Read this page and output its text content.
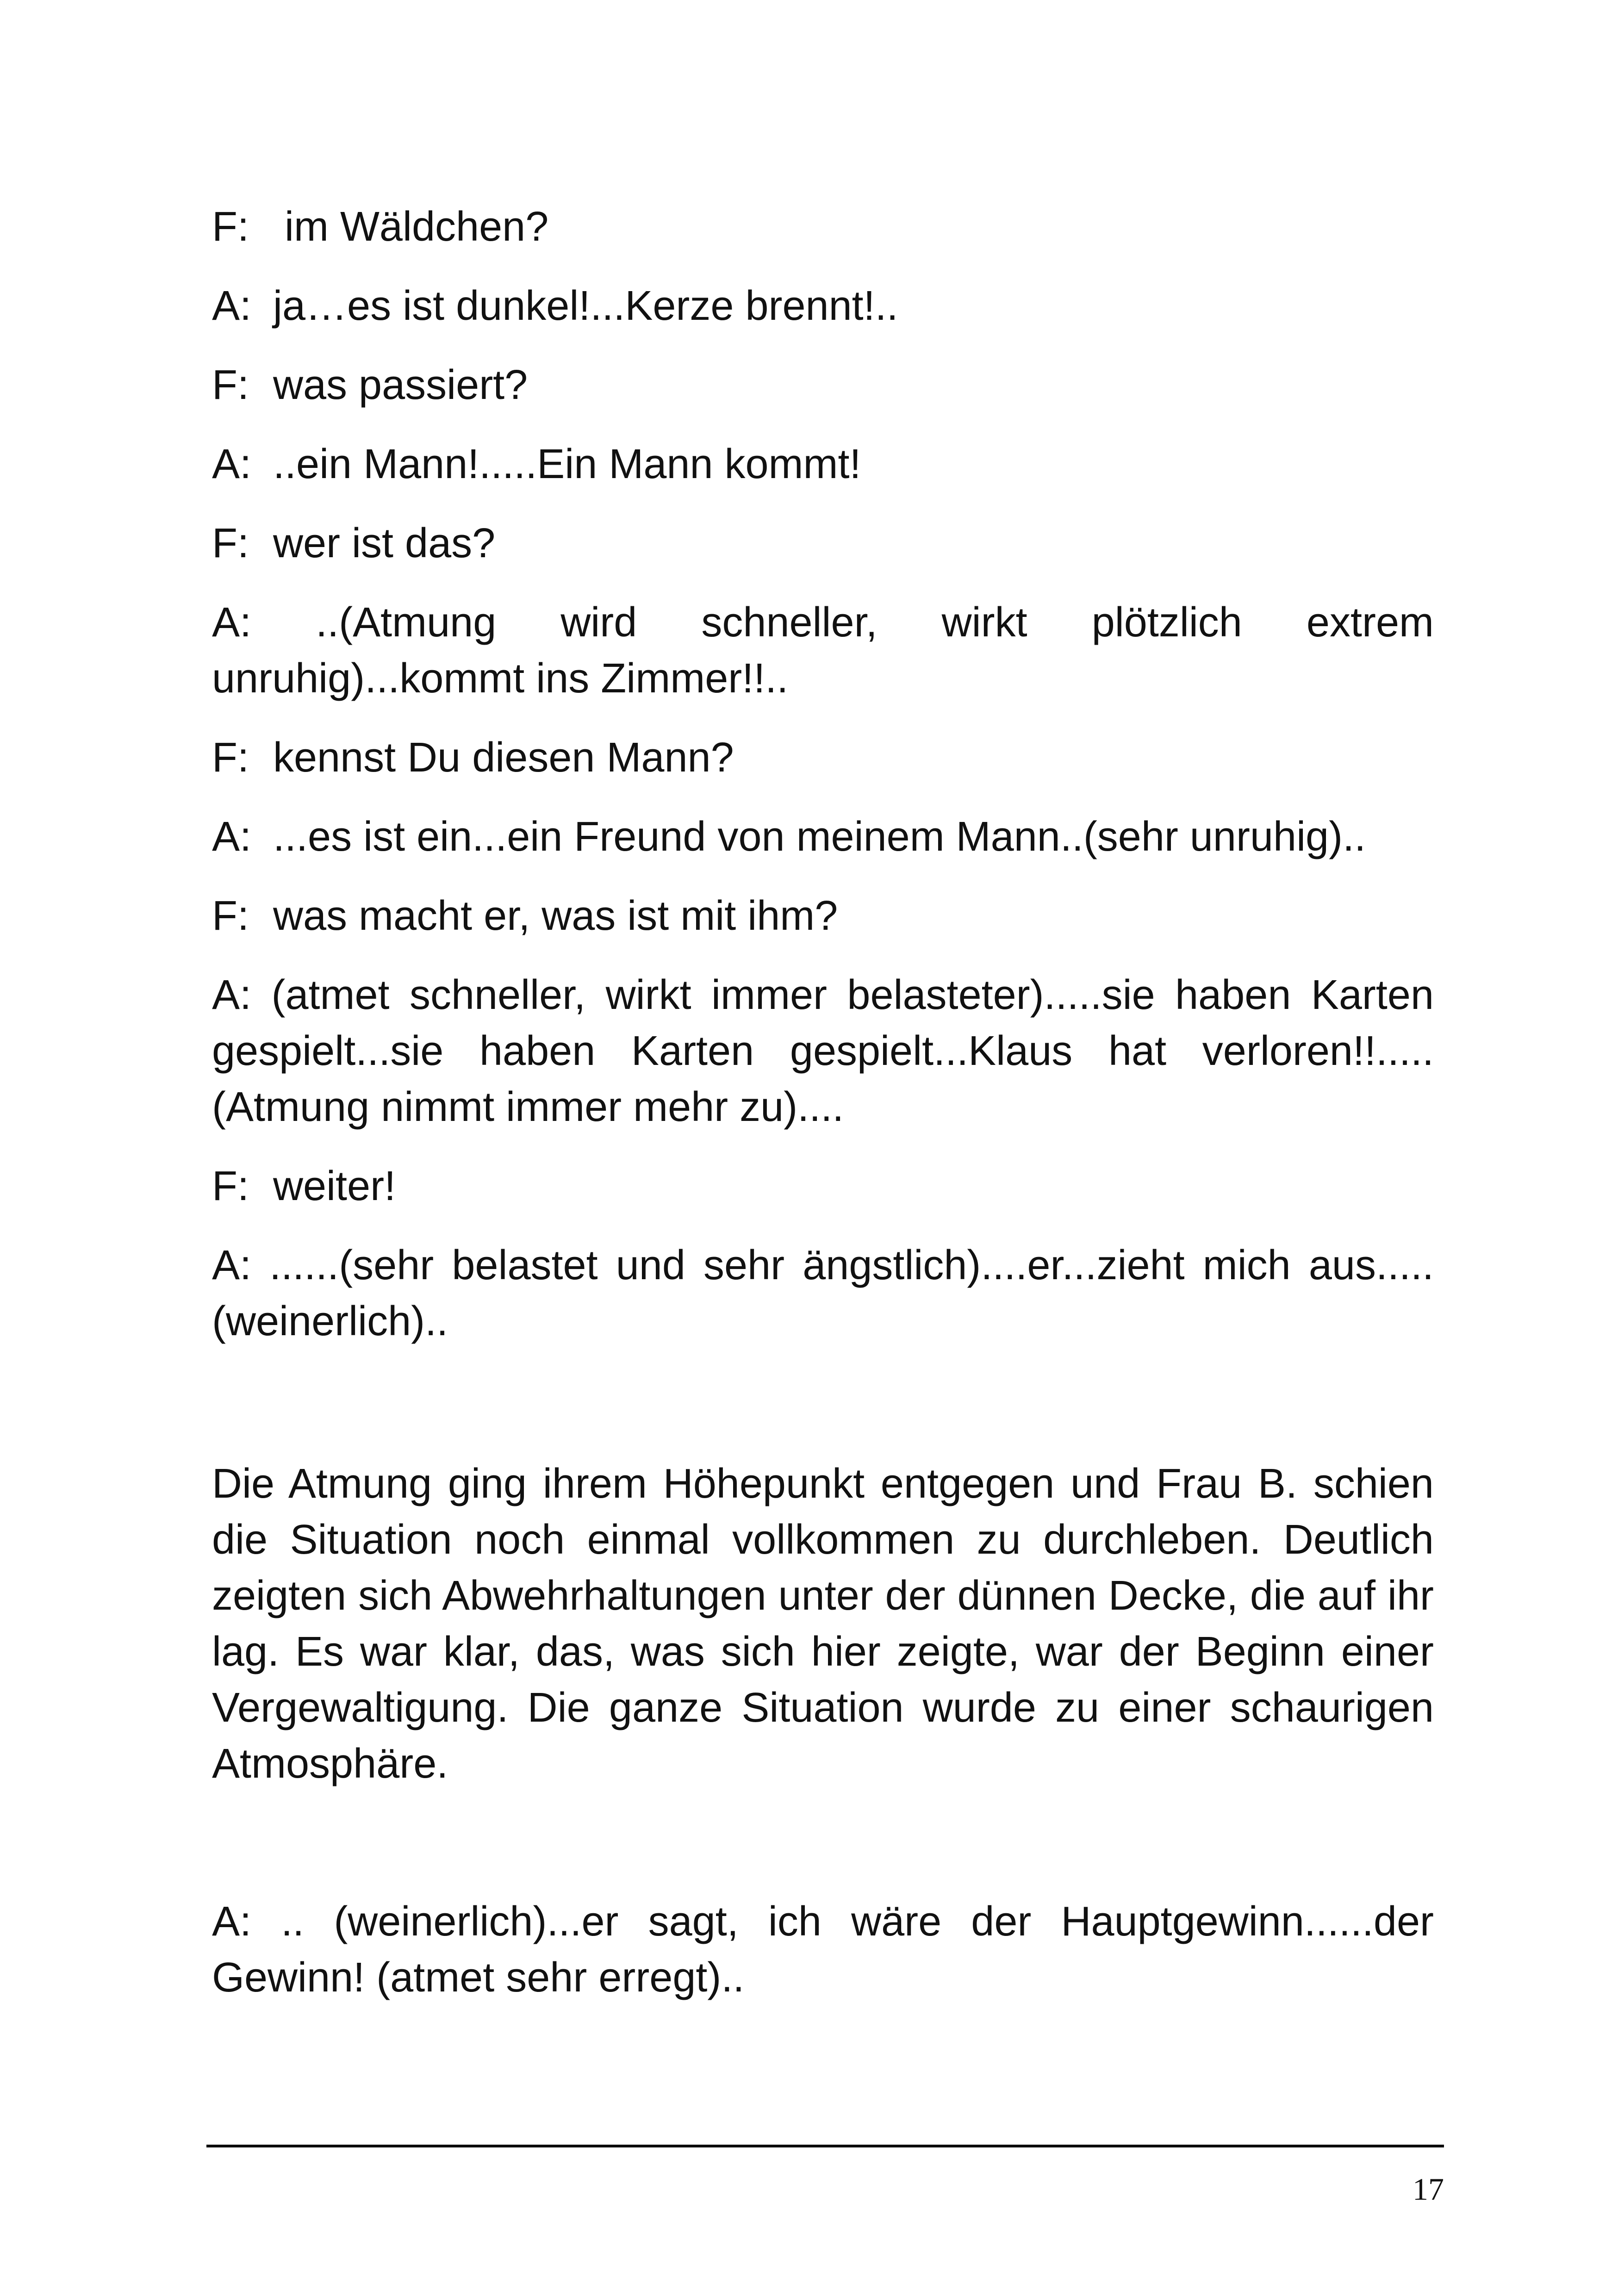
F: im Wäldchen?
A: ja…es ist dunkel!...Kerze brennt!..
F: was passiert?
A: ..ein Mann!.....Ein Mann kommt!
F: wer ist das?

A: ..(Atmung wird schneller, wirkt plötzlich extrem unruhig)...kommt ins Zimmer!!..

F: kennst Du diesen Mann?
A: ...es ist ein...ein Freund von meinem Mann..(sehr unruhig)..
F: was macht er, was ist mit ihm?

A: (atmet schneller, wirkt immer belasteter).....sie haben Karten gespielt...sie haben Karten gespielt...Klaus hat verloren!!..... (Atmung nimmt immer mehr zu)....

F: weiter!

A: ......(sehr belastet und sehr ängstlich)....er...zieht mich aus.....(weinerlich)..

Die Atmung ging ihrem Höhepunkt entgegen und Frau B. schien die Situation noch einmal vollkommen zu durchleben. Deutlich zeigten sich Abwehrhaltungen unter der dünnen Decke, die auf ihr lag. Es war klar, das, was sich hier zeigte, war der Beginn einer Vergewaltigung. Die ganze Situation wurde zu einer schaurigen Atmosphäre.

A: .. (weinerlich)...er sagt, ich wäre der Hauptgewinn......der Gewinn! (atmet sehr erregt)..

17
